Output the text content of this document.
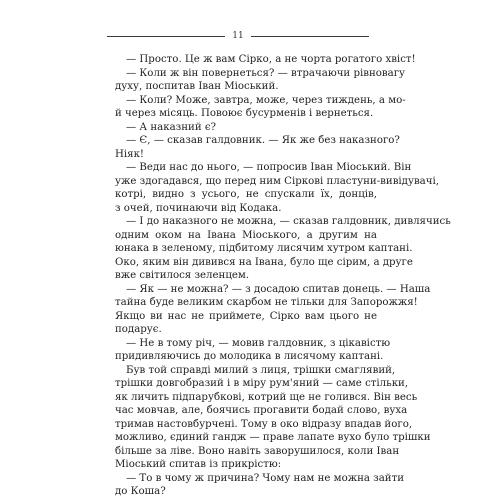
11
— Просто. Це ж вам Сірко, а не чорта рогатого хвіст!
— Коли ж він повернеться? — втрачаючи рівновагу
духу, поспитав Іван Міоський.
— Коли? Може, завтра, може, через тиждень, а мо-
й через місяць. Повоює бусурменів і вернеться.
— А наказний є?
— Є, — сказав галдовник. — Як же без наказного?
Ніяк!
— Веди нас до нього, — попросив Іван Міоський. Він
уже здогадався, що перед ним Сіркові пластуни-вивідувачі,
котрі, видно з усього, не спускали їх, донців,
з очей, починаючи від Кодака.
— І до наказного не можна, — сказав галдовник, дивлячись
одним оком на Івана Міоського, а другим на
юнака в зеленому, підбитому лисячим хутром каптані.
Око, яким він дивився на Івана, було ще сірим, а друге
вже світилося зеленцем.
— Як — не можна? — з досадою спитав донець. — Наша
тайна буде великим скарбом не тільки для Запорожжя!
Якщо ви нас не приймете, Сірко вам цього не
подарує.
— Не в тому річ, — мовив галдовник, з цікавістю
придивляючись до молодика в лисячому каптані.
Був той справді милий з лиця, трішки смаглявий,
трішки довгобразий і в міру рум'яний — саме стільки,
як личить підпарубкові, котрий ще не голився. Він весь
час мовчав, але, боячись прогавити бодай слово, вуха
тримав настовбурчені. Тому в око відразу впадав його,
можливо, єдиний гандж — праве лапате вухо було трішки
більше за ліве. Воно навіть заворушилося, коли Іван
Міоський спитав із прикрістю:
— То в чому ж причина? Чому нам не можна зайти
до Коша?
